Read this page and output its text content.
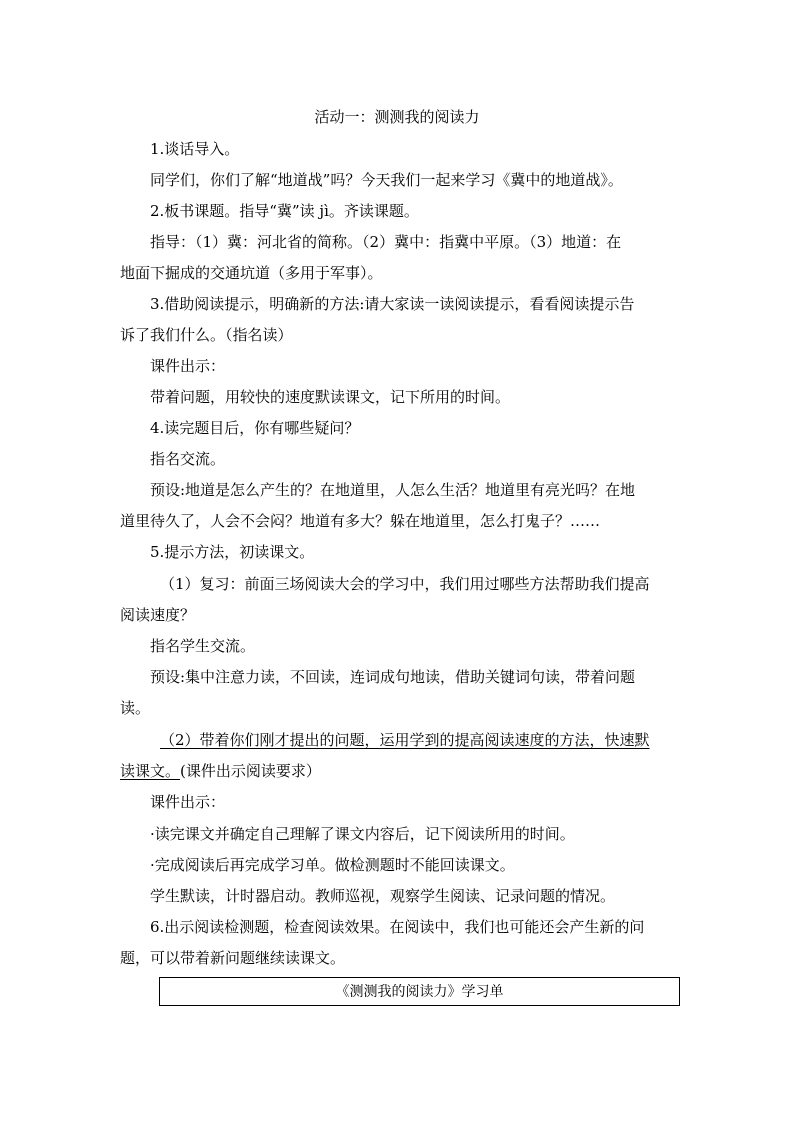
活动一：测测我的阅读力
1.谈话导入。
同学们，你们了解“地道战”吗？今天我们一起来学习《冀中的地道战》。
2.板书课题。指导“冀”读 jì。齐读课题。
指导：（1）冀：河北省的简称。（2）冀中：指冀中平原。（3）地道：在
地面下掘成的交通坑道（多用于军事）。
3.借助阅读提示，明确新的方法:请大家读一读阅读提示，看看阅读提示告
诉了我们什么。（指名读）
课件出示：
带着问题，用较快的速度默读课文，记下所用的时间。
4.读完题目后，你有哪些疑问？
指名交流。
预设:地道是怎么产生的？在地道里，人怎么生活？地道里有亮光吗？在地
道里待久了，人会不会闷？地道有多大？躲在地道里，怎么打鬼子？……
5.提示方法，初读课文。
（1）复习：前面三场阅读大会的学习中，我们用过哪些方法帮助我们提高
阅读速度？
指名学生交流。
预设:集中注意力读，不回读，连词成句地读，借助关键词句读，带着问题
读。
（2）带着你们刚才提出的问题，运用学到的提高阅读速度的方法，快速默
读课文。(课件出示阅读要求）
课件出示：
·读完课文并确定自己理解了课文内容后，记下阅读所用的时间。
·完成阅读后再完成学习单。做检测题时不能回读课文。
学生默读，计时器启动。教师巡视，观察学生阅读、记录问题的情况。
6.出示阅读检测题，检查阅读效果。在阅读中，我们也可能还会产生新的问
题，可以带着新问题继续读课文。
《测测我的阅读力》学习单
